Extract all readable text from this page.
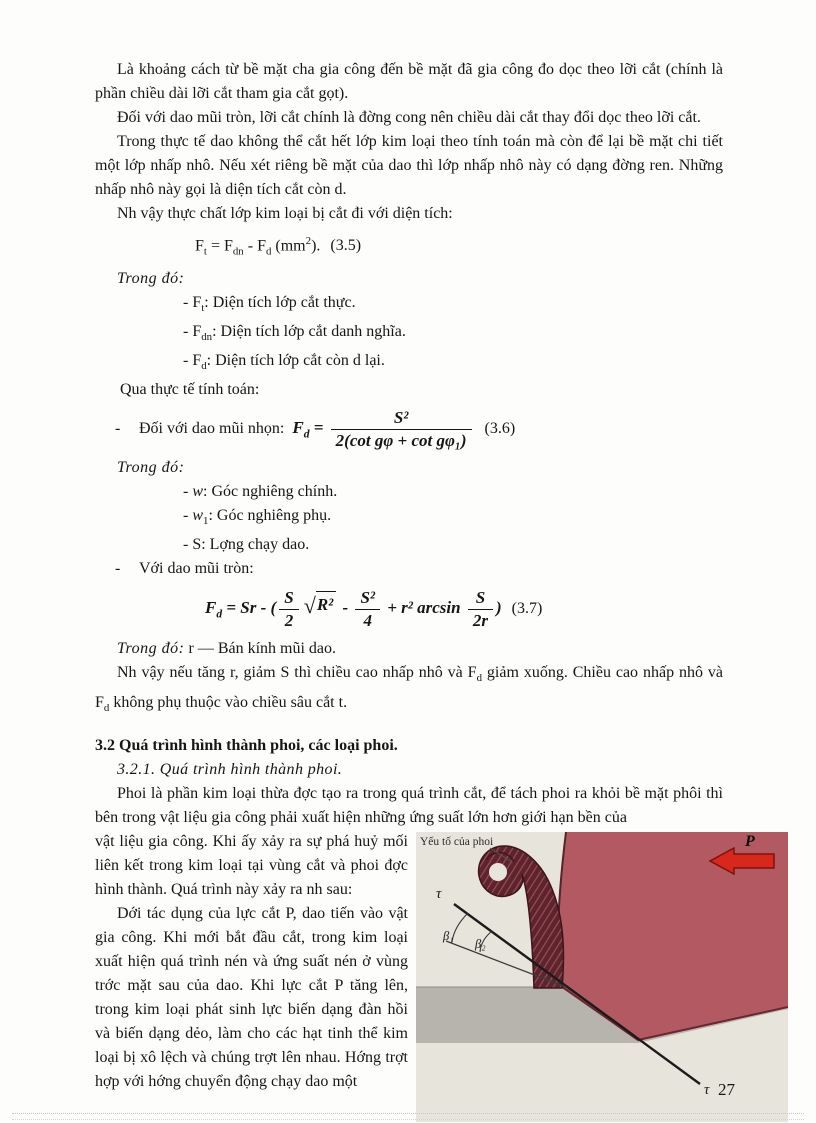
Là khoảng cách từ bề mặt cha gia công đến bề mặt đã gia công đo dọc theo lỡi cắt (chính là phần chiều dài lỡi cắt tham gia cắt gọt).

Đối với dao mũi tròn, lỡi cắt chính là đờng cong nên chiều dài cắt thay đổi dọc theo lỡi cắt.

Trong thực tế dao không thể cắt hết lớp kim loại theo tính toán mà còn để lại bề mặt chi tiết một lớp nhấp nhô. Nếu xét riêng bề mặt của dao thì lớp nhấp nhô này có dạng đờng ren. Những nhấp nhô này gọi là diện tích cắt còn d.

Nh vậy thực chất lớp kim loại bị cắt đi với diện tích:

$F_t = F_{dn} - F_d$ $(mm^2)$. (3.5)

Trong đó:

- $F_t$: Diện tích lớp cắt thực.

- $F_{dn}$: Diện tích lớp cắt danh nghĩa.

- $F_d$: Diện tích lớp cắt còn d lại.

Qua thực tế tính toán:

- Đối với dao mũi nhọn: $F_d = \frac{\text{S²}}{\text{2(cot gφ + cot gφ₁)}} (3.6)$

Trong đó:

- w: Góc nghiêng chính.

- $w_1$: Góc nghiêng phụ.

- S: Lợng chạy dao.

- Với dao mũi tròn:
$F_d = Sr$ - ( $\frac{S}{2}$ √ $R^2 - \frac{\text{S²}}{4} + r^2$ $\arcsin \frac{S}{2r}$ ) (3.7)

Trong đó: r — Bán kính mũi dao.

Nh vậy nếu tăng r, giảm S thì chiều cao nhấp nhô và $F_d$ giảm xuống. Chiều cao nhấp nhô và $F_d$ không phụ thuộc vào chiều sâu cắt t.

3.2 Quá trình hình thành phoi, các loại phoi.

3.2.1. Quá trình hình thành phoi.

Phoi là phần kim loại thừa đợc tạo ra trong quá trình cắt, để tách phoi ra khỏi bề mặt phôi thì bên trong vật liệu gia công phải xuất hiện những ứng suất lớn hơn giới hạn bền của

Yếu tố của phoi
τ
τ
β₁
β₂
P

vật liệu gia công. Khi ấy xảy ra sự phá huỷ mối liên kết trong kim loại tại vùng cắt và phoi đợc hình thành. Quá trình này xảy ra nh sau:

Dới tác dụng của lực cắt P, dao tiến vào vật gia công. Khi mới bắt đầu cắt, trong kim loại xuất hiện quá trình nén và ứng suất nén ở vùng trớc mặt sau của dao. Khi lực cắt P tăng lên, trong kim loại phát sinh lực biến dạng đàn hồi và biến dạng dẻo, làm cho các hạt tinh thể kim loại bị xô lệch và chúng trợt lên nhau. Hớng trợt hợp với hớng chuyển động chạy dao một	27
